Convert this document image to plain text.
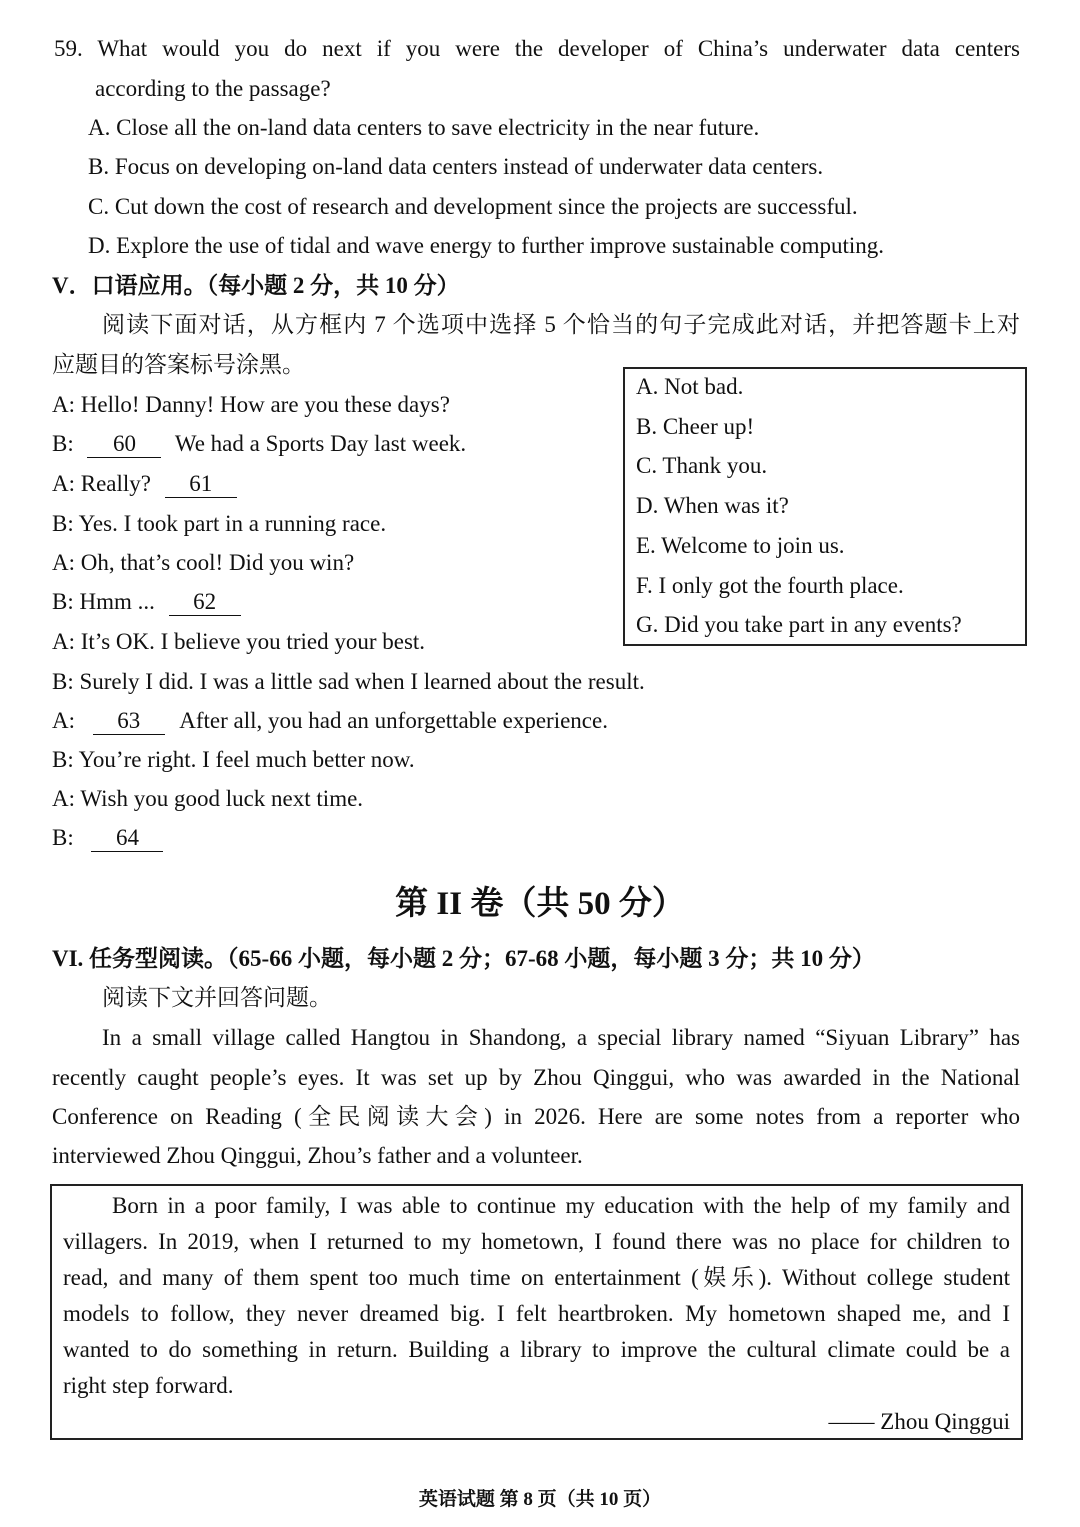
59. What would you do next if you were the developer of China’s underwater data centers
according to the passage?
A. Close all the on-land data centers to save electricity in the near future.
B. Focus on developing on-land data centers instead of underwater data centers.
C. Cut down the cost of research and development since the projects are successful.
D. Explore the use of tidal and wave energy to further improve sustainable computing.
V．口语应用。（每小题 2 分，共 10 分）
阅读下面对话，从方框内 7 个选项中选择 5 个恰当的句子完成此对话，并把答题卡上对
应题目的答案标号涂黑。
A: Hello! Danny! How are you these days?
B: 60 We had a Sports Day last week.
A: Really? 61
B: Yes. I took part in a running race.
A: Oh, that’s cool! Did you win?
B: Hmm ... 62
A: It’s OK. I believe you tried your best.
B: Surely I did. I was a little sad when I learned about the result.
A: 63 After all, you had an unforgettable experience.
B: You’re right. I feel much better now.
A: Wish you good luck next time.
B: 64
A. Not bad.
B. Cheer up!
C. Thank you.
D. When was it?
E. Welcome to join us.
F. I only got the fourth place.
G. Did you take part in any events?
第 II 卷（共 50 分）
VI. 任务型阅读。（65-66 小题，每小题 2 分；67-68 小题，每小题 3 分；共 10 分）
阅读下文并回答问题。
In a small village called Hangtou in Shandong, a special library named “Siyuan Library” has
recently caught people’s eyes. It was set up by Zhou Qinggui, who was awarded in the National
Conference on Reading (全民阅读大会) in 2026. Here are some notes from a reporter who
interviewed Zhou Qinggui, Zhou’s father and a volunteer.
Born in a poor family, I was able to continue my education with the help of my family and
villagers. In 2019, when I returned to my hometown, I found there was no place for children to
read, and many of them spent too much time on entertainment (娱乐). Without college student
models to follow, they never dreamed big. I felt heartbroken. My hometown shaped me, and I
wanted to do something in return. Building a library to improve the cultural climate could be a
right step forward.
—— Zhou Qinggui
英语试题 第 8 页（共 10 页）
